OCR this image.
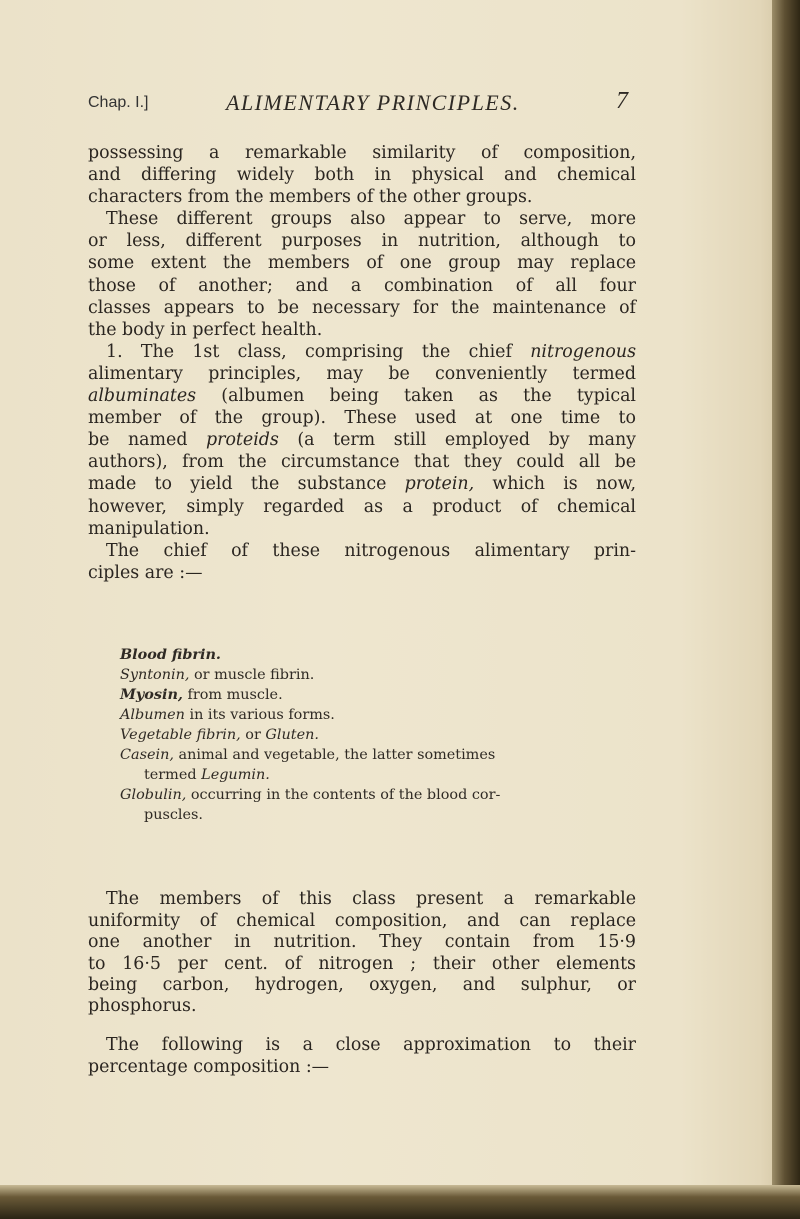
Chap. I.]	ALIMENTARY PRINCIPLES.	7

possessing a remarkable similarity of composition,
and differing widely both in physical and chemical
characters from the members of the other groups.

These different groups also appear to serve, more
or less, different purposes in nutrition, although to
some extent the members of one group may replace
those of another; and a combination of all four
classes appears to be necessary for the maintenance of
the body in perfect health.

1. The 1st class, comprising the chief nitrogenous
alimentary principles, may be conveniently termed
albuminates (albumen being taken as the typical
member of the group). These used at one time to
be named proteids (a term still employed by many
authors), from the circumstance that they could all be
made to yield the substance protein, which is now,
however, simply regarded as a product of chemical
manipulation.

The chief of these nitrogenous alimentary prin-
ciples are :—

Blood fibrin.
Syntonin, or muscle fibrin.
Myosin, from muscle.
Albumen in its various forms.
Vegetable fibrin, or Gluten.
Casein, animal and vegetable, the latter sometimes
termed Legumin.
Globulin, occurring in the contents of the blood cor-
puscles.

The members of this class present a remarkable
uniformity of chemical composition, and can replace
one another in nutrition. They contain from 15·9
to 16·5 per cent. of nitrogen ; their other elements
being carbon, hydrogen, oxygen, and sulphur, or
phosphorus.

The following is a close approximation to their
percentage composition :—
